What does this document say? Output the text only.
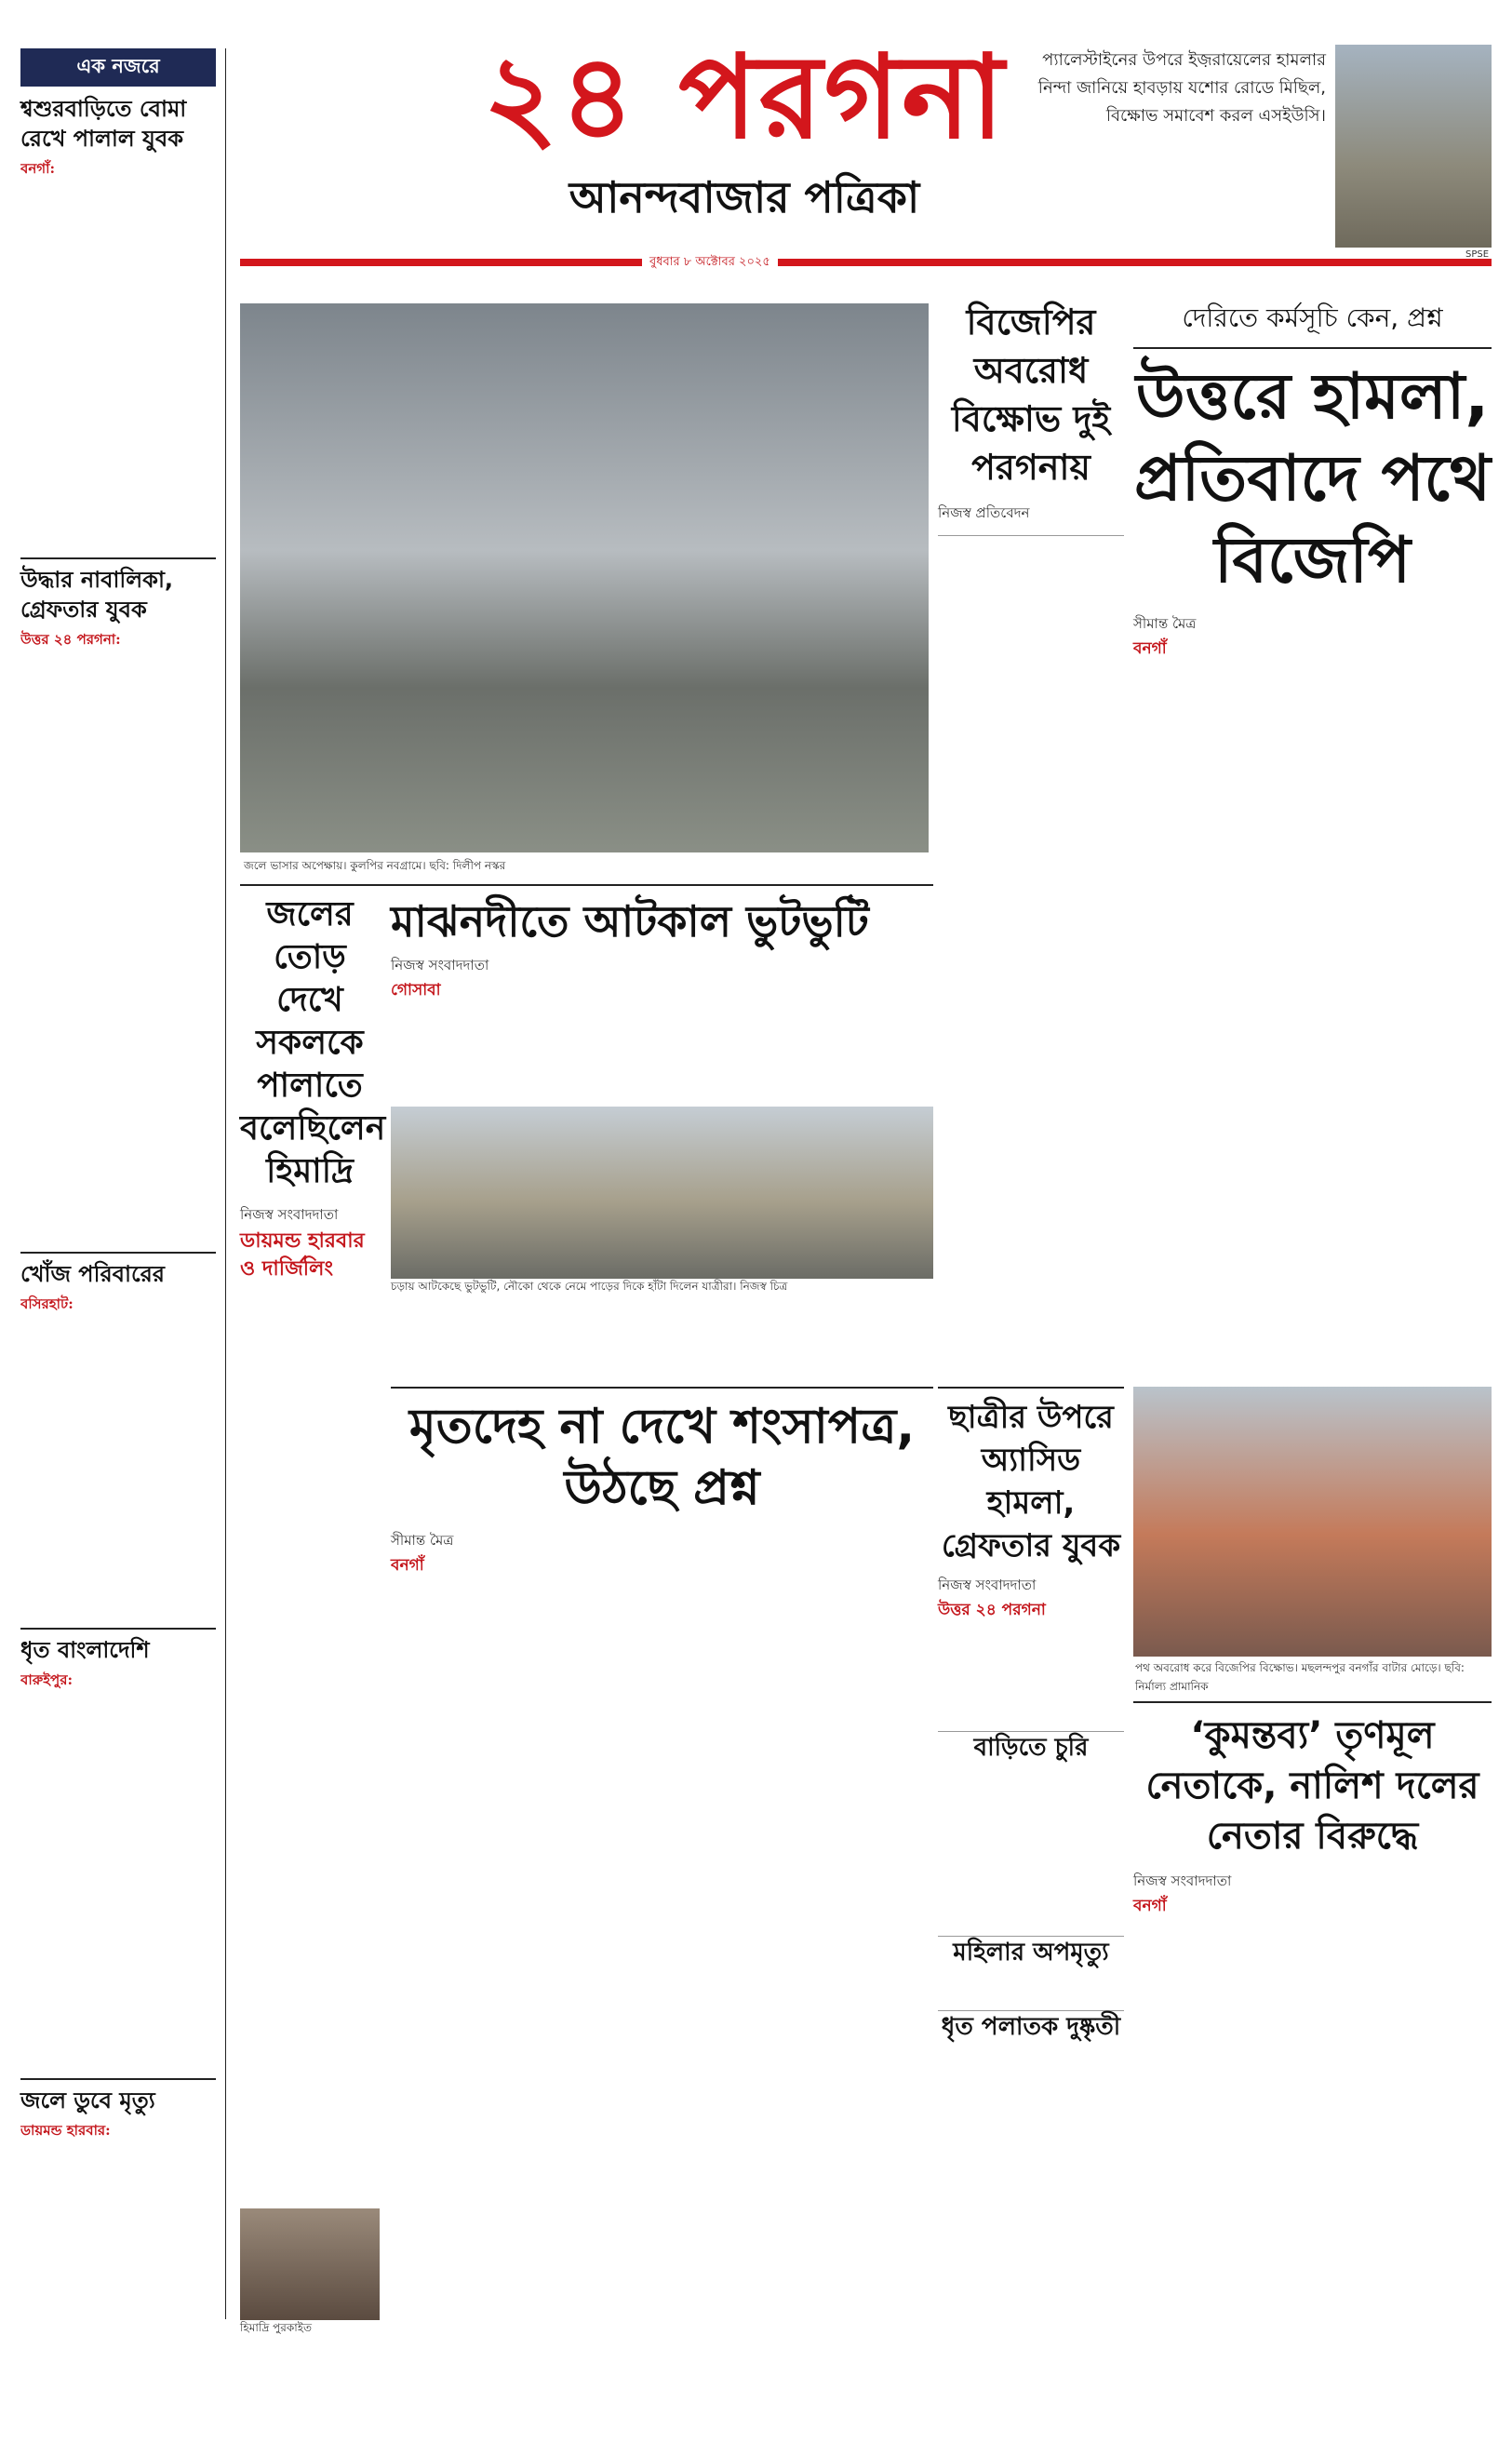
এক নজরে
শ্বশুরবাড়িতে বোমা রেখে পালাল যুবক
বনগাঁ:
উদ্ধার নাবালিকা, গ্রেফতার যুবক
উত্তর ২৪ পরগনা:
খোঁজ পরিবারের
বসিরহাট:
ধৃত বাংলাদেশি
বারুইপুর:
জলে ডুবে মৃত্যু
ডায়মন্ড হারবার:
২৪ পরগনা
আনন্দবাজার পত্রিকা
বুধবার ৮ অক্টোবর ২০২৫
প্যালেস্টাইনের উপরে ইজ়রায়েলের হামলার নিন্দা জানিয়ে হাবড়ায় যশোর রোডে মিছিল, বিক্ষোভ সমাবেশ করল এসইউসি।
SPSE
জলে ভাসার অপেক্ষায়। কুলপির নবগ্রামে। ছবি: দিলীপ নস্কর
বিজেপির অবরোধ বিক্ষোভ দুই পরগনায়
নিজস্ব প্রতিবেদন
দেরিতে কর্মসূচি কেন, প্রশ্ন
উত্তরে হামলা, প্রতিবাদে পথে বিজেপি
সীমান্ত মৈত্র
বনগাঁ
জলের তোড় দেখে সকলকে পালাতে বলেছিলেন হিমাদ্রি
নিজস্ব সংবাদদাতা
ডায়মন্ড হারবার ও দার্জিলিং
হিমাদ্রি পুরকাইত
মাঝনদীতে আটকাল ভুটভুটি
নিজস্ব সংবাদদাতা
গোসাবা
চড়ায় আটকেছে ভুটভুটি, নৌকো থেকে নেমে পাড়ের দিকে হাঁটা দিলেন যাত্রীরা। নিজস্ব চিত্র
মৃতদেহ না দেখে শংসাপত্র, উঠছে প্রশ্ন
সীমান্ত মৈত্র
বনগাঁ
ছাত্রীর উপরে অ্যাসিড হামলা, গ্রেফতার যুবক
নিজস্ব সংবাদদাতা
উত্তর ২৪ পরগনা
মহিলার অপমৃত্যু
বাড়িতে চুরি
ধৃত পলাতক দুষ্কৃতী
পথ অবরোধ করে বিজেপির বিক্ষোভ। মছলন্দপুর বনগাঁর বাটার মোড়ে। ছবি: নির্মাল্য প্রামানিক
‘কুমন্তব্য’ তৃণমূল নেতাকে, নালিশ দলের নেতার বিরুদ্ধে
নিজস্ব সংবাদদাতা
বনগাঁ
